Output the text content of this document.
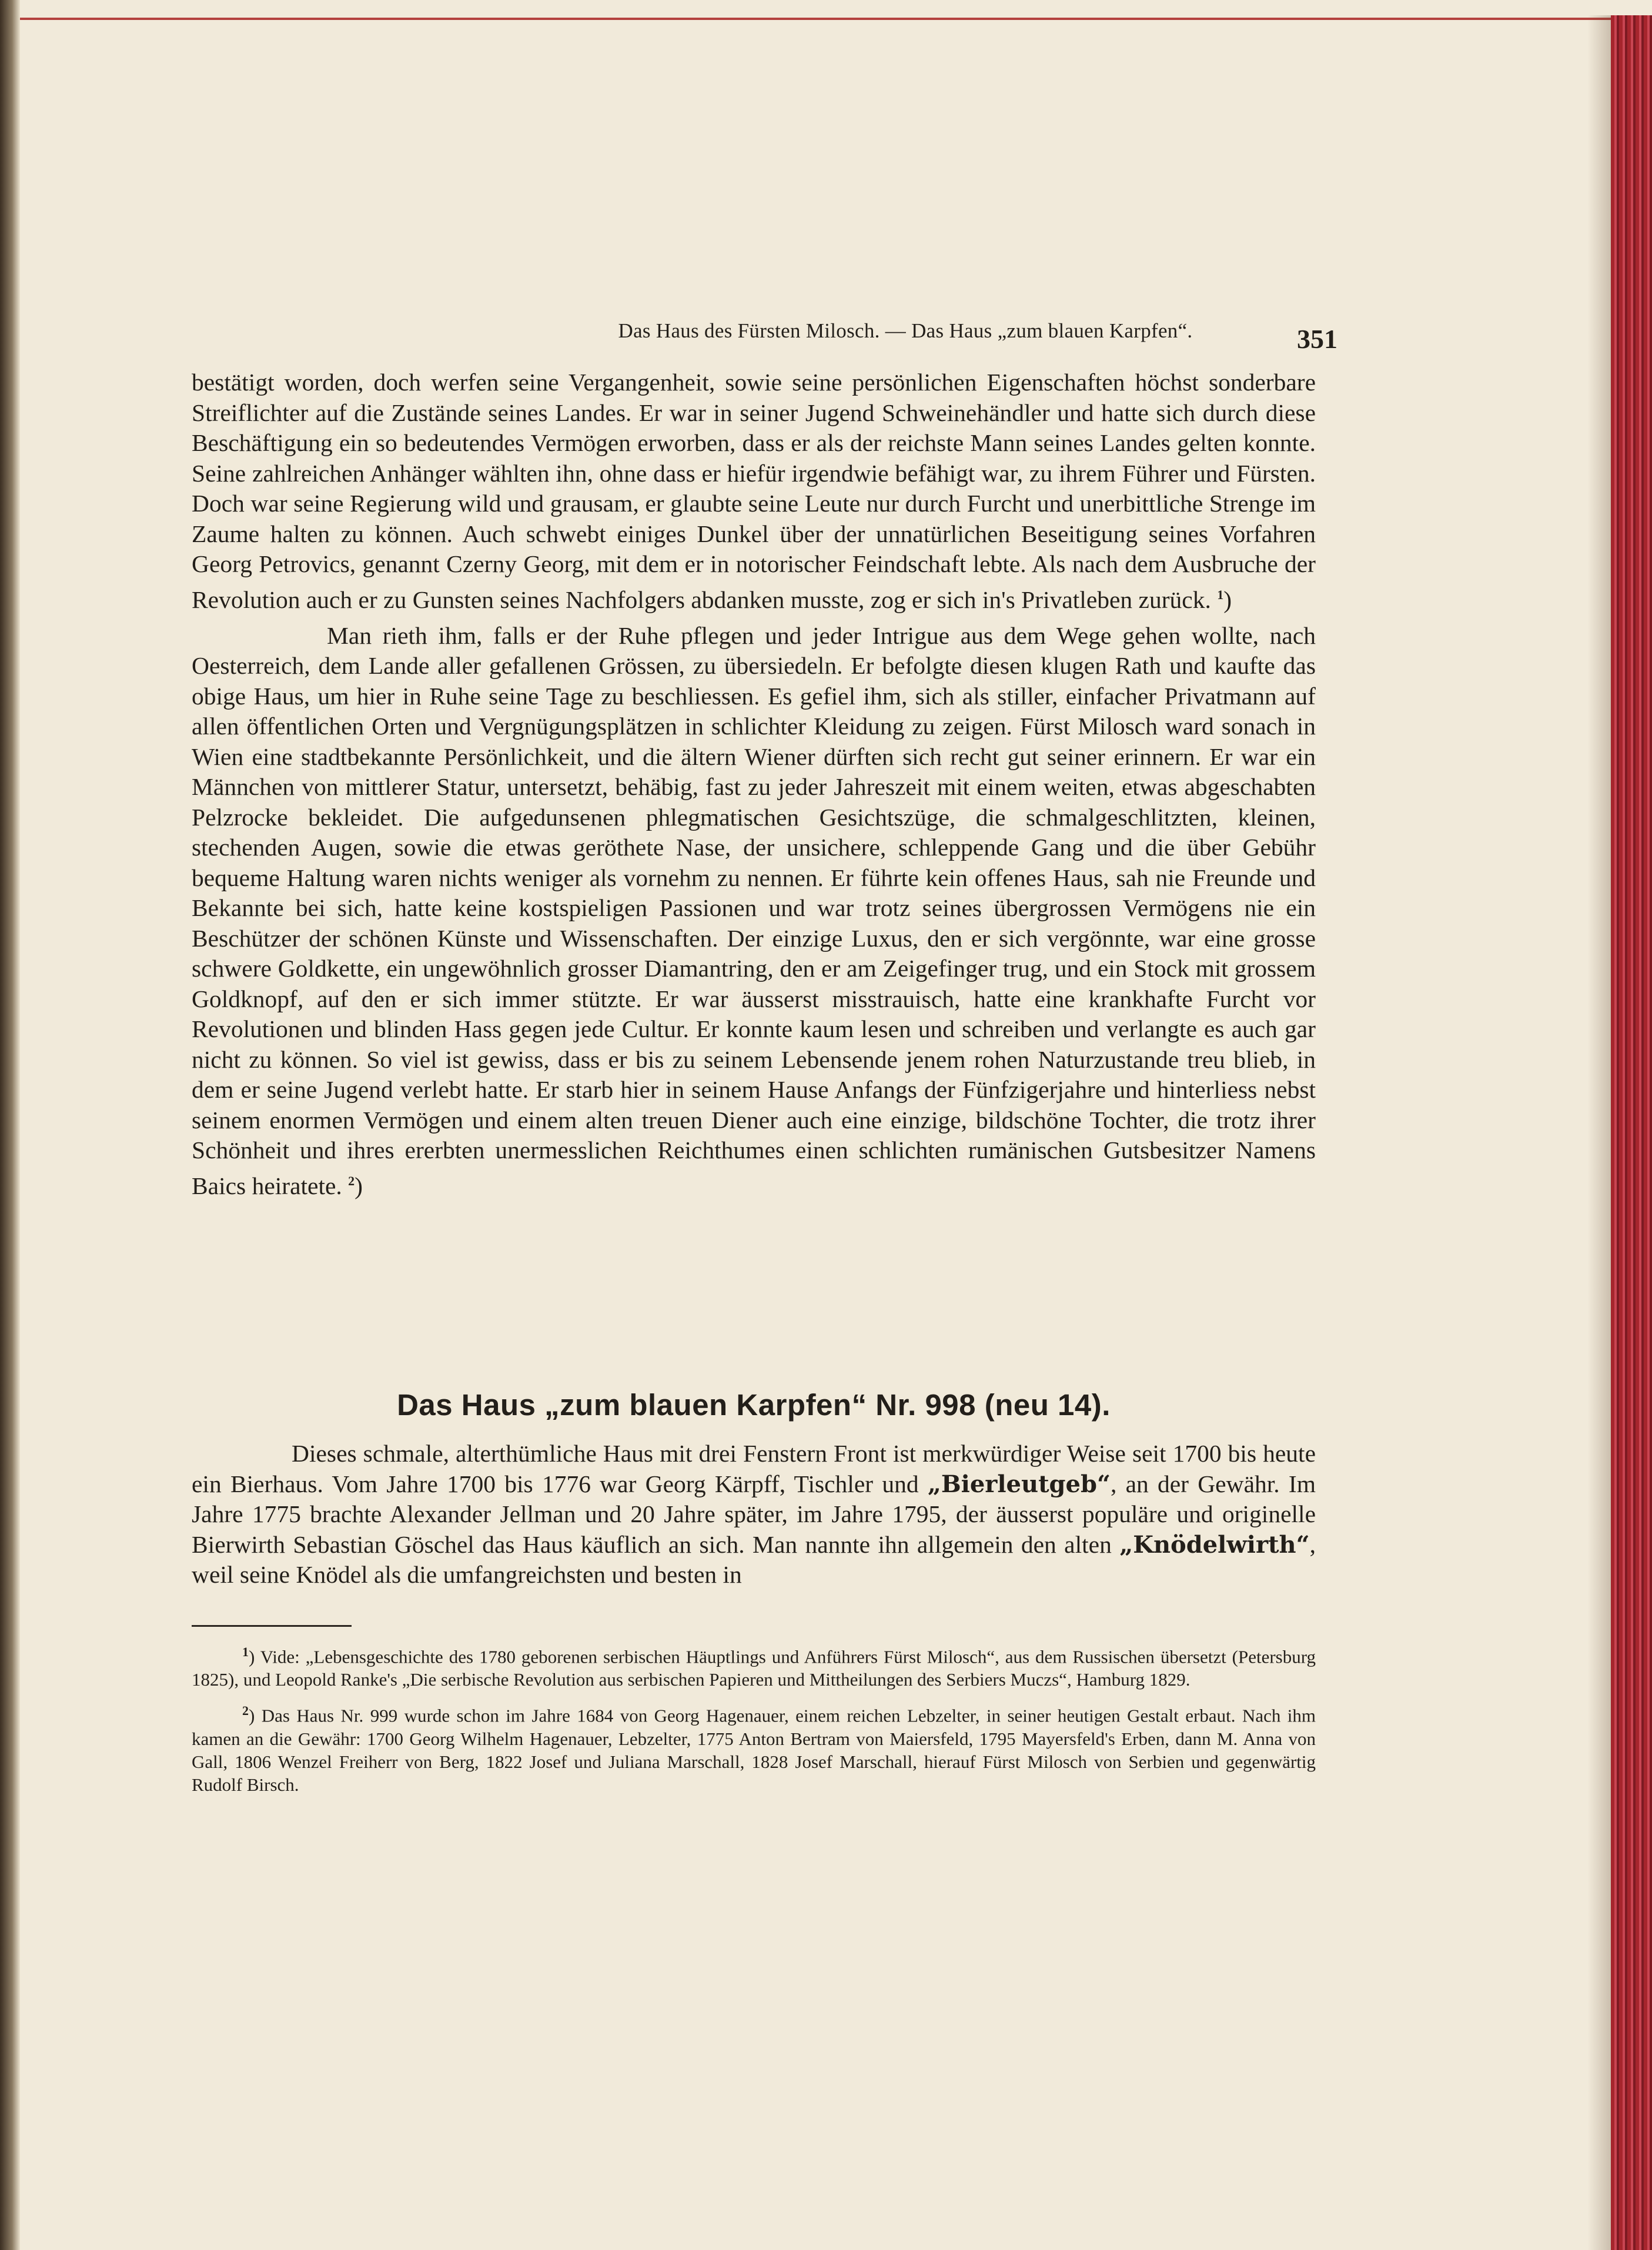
Das Haus des Fürsten Milosch. — Das Haus „zum blauen Karpfen“.	351

bestätigt worden, doch werfen seine Vergangenheit, sowie seine persönlichen Eigenschaften höchst sonderbare Streiflichter auf die Zustände seines Landes. Er war in seiner Jugend Schweinehändler und hatte sich durch diese Beschäftigung ein so bedeutendes Vermögen erworben, dass er als der reichste Mann seines Landes gelten konnte. Seine zahlreichen Anhänger wählten ihn, ohne dass er hiefür irgendwie befähigt war, zu ihrem Führer und Fürsten. Doch war seine Regierung wild und grausam, er glaubte seine Leute nur durch Furcht und unerbittliche Strenge im Zaume halten zu können. Auch schwebt einiges Dunkel über der unnatürlichen Beseitigung seines Vorfahren Georg Petrovics, genannt Czerny Georg, mit dem er in notorischer Feindschaft lebte. Als nach dem Ausbruche der Revolution auch er zu Gunsten seines Nachfolgers abdanken musste, zog er sich in's Privatleben zurück. $^1$)

Man rieth ihm, falls er der Ruhe pflegen und jeder Intrigue aus dem Wege gehen wollte, nach Oesterreich, dem Lande aller gefallenen Grössen, zu übersiedeln. Er befolgte diesen klugen Rath und kaufte das obige Haus, um hier in Ruhe seine Tage zu beschliessen. Es gefiel ihm, sich als stiller, einfacher Privatmann auf allen öffentlichen Orten und Vergnügungsplätzen in schlichter Kleidung zu zeigen. Fürst Milosch ward sonach in Wien eine stadtbekannte Persönlichkeit, und die ältern Wiener dürften sich recht gut seiner erinnern. Er war ein Männchen von mittlerer Statur, untersetzt, behäbig, fast zu jeder Jahreszeit mit einem weiten, etwas abgeschabten Pelzrocke bekleidet. Die aufgedunsenen phlegmatischen Gesichtszüge, die schmalgeschlitzten, kleinen, stechenden Augen, sowie die etwas geröthete Nase, der unsichere, schleppende Gang und die über Gebühr bequeme Haltung waren nichts weniger als vornehm zu nennen. Er führte kein offenes Haus, sah nie Freunde und Bekannte bei sich, hatte keine kostspieligen Passionen und war trotz seines übergrossen Vermögens nie ein Beschützer der schönen Künste und Wissenschaften. Der einzige Luxus, den er sich vergönnte, war eine grosse schwere Goldkette, ein ungewöhnlich grosser Diamantring, den er am Zeigefinger trug, und ein Stock mit grossem Goldknopf, auf den er sich immer stützte. Er war äusserst misstrauisch, hatte eine krankhafte Furcht vor Revolutionen und blinden Hass gegen jede Cultur. Er konnte kaum lesen und schreiben und verlangte es auch gar nicht zu können. So viel ist gewiss, dass er bis zu seinem Lebensende jenem rohen Naturzustande treu blieb, in dem er seine Jugend verlebt hatte. Er starb hier in seinem Hause Anfangs der Fünfzigerjahre und hinterliess nebst seinem enormen Vermögen und einem alten treuen Diener auch eine einzige, bildschöne Tochter, die trotz ihrer Schönheit und ihres ererbten unermesslichen Reichthumes einen schlichten rumänischen Gutsbesitzer Namens Baics heiratete. $^2$)

Das Haus „zum blauen Karpfen“ Nr. 998 (neu 14).

Dieses schmale, alterthümliche Haus mit drei Fenstern Front ist merkwürdiger Weise seit 1700 bis heute ein Bierhaus. Vom Jahre 1700 bis 1776 war Georg Kärpff, Tischler und „Bierleutgeb“, an der Gewähr. Im Jahre 1775 brachte Alexander Jellman und 20 Jahre später, im Jahre 1795, der äusserst populäre und originelle Bierwirth Sebastian Göschel das Haus käuflich an sich. Man nannte ihn allgemein den alten „Knödelwirth“, weil seine Knödel als die umfangreichsten und besten in

$^1$) Vide: „Lebensgeschichte des 1780 geborenen serbischen Häuptlings und Anführers Fürst Milosch“, aus dem Russischen übersetzt (Petersburg 1825), und Leopold Ranke's „Die serbische Revolution aus serbischen Papieren und Mittheilungen des Serbiers Muczs“, Hamburg 1829.

$^2$) Das Haus Nr. 999 wurde schon im Jahre 1684 von Georg Hagenauer, einem reichen Lebzelter, in seiner heutigen Gestalt erbaut. Nach ihm kamen an die Gewähr: 1700 Georg Wilhelm Hagenauer, Lebzelter, 1775 Anton Bertram von Maiersfeld, 1795 Mayersfeld's Erben, dann M. Anna von Gall, 1806 Wenzel Freiherr von Berg, 1822 Josef und Juliana Marschall, 1828 Josef Marschall, hierauf Fürst Milosch von Serbien und gegenwärtig Rudolf Birsch.
